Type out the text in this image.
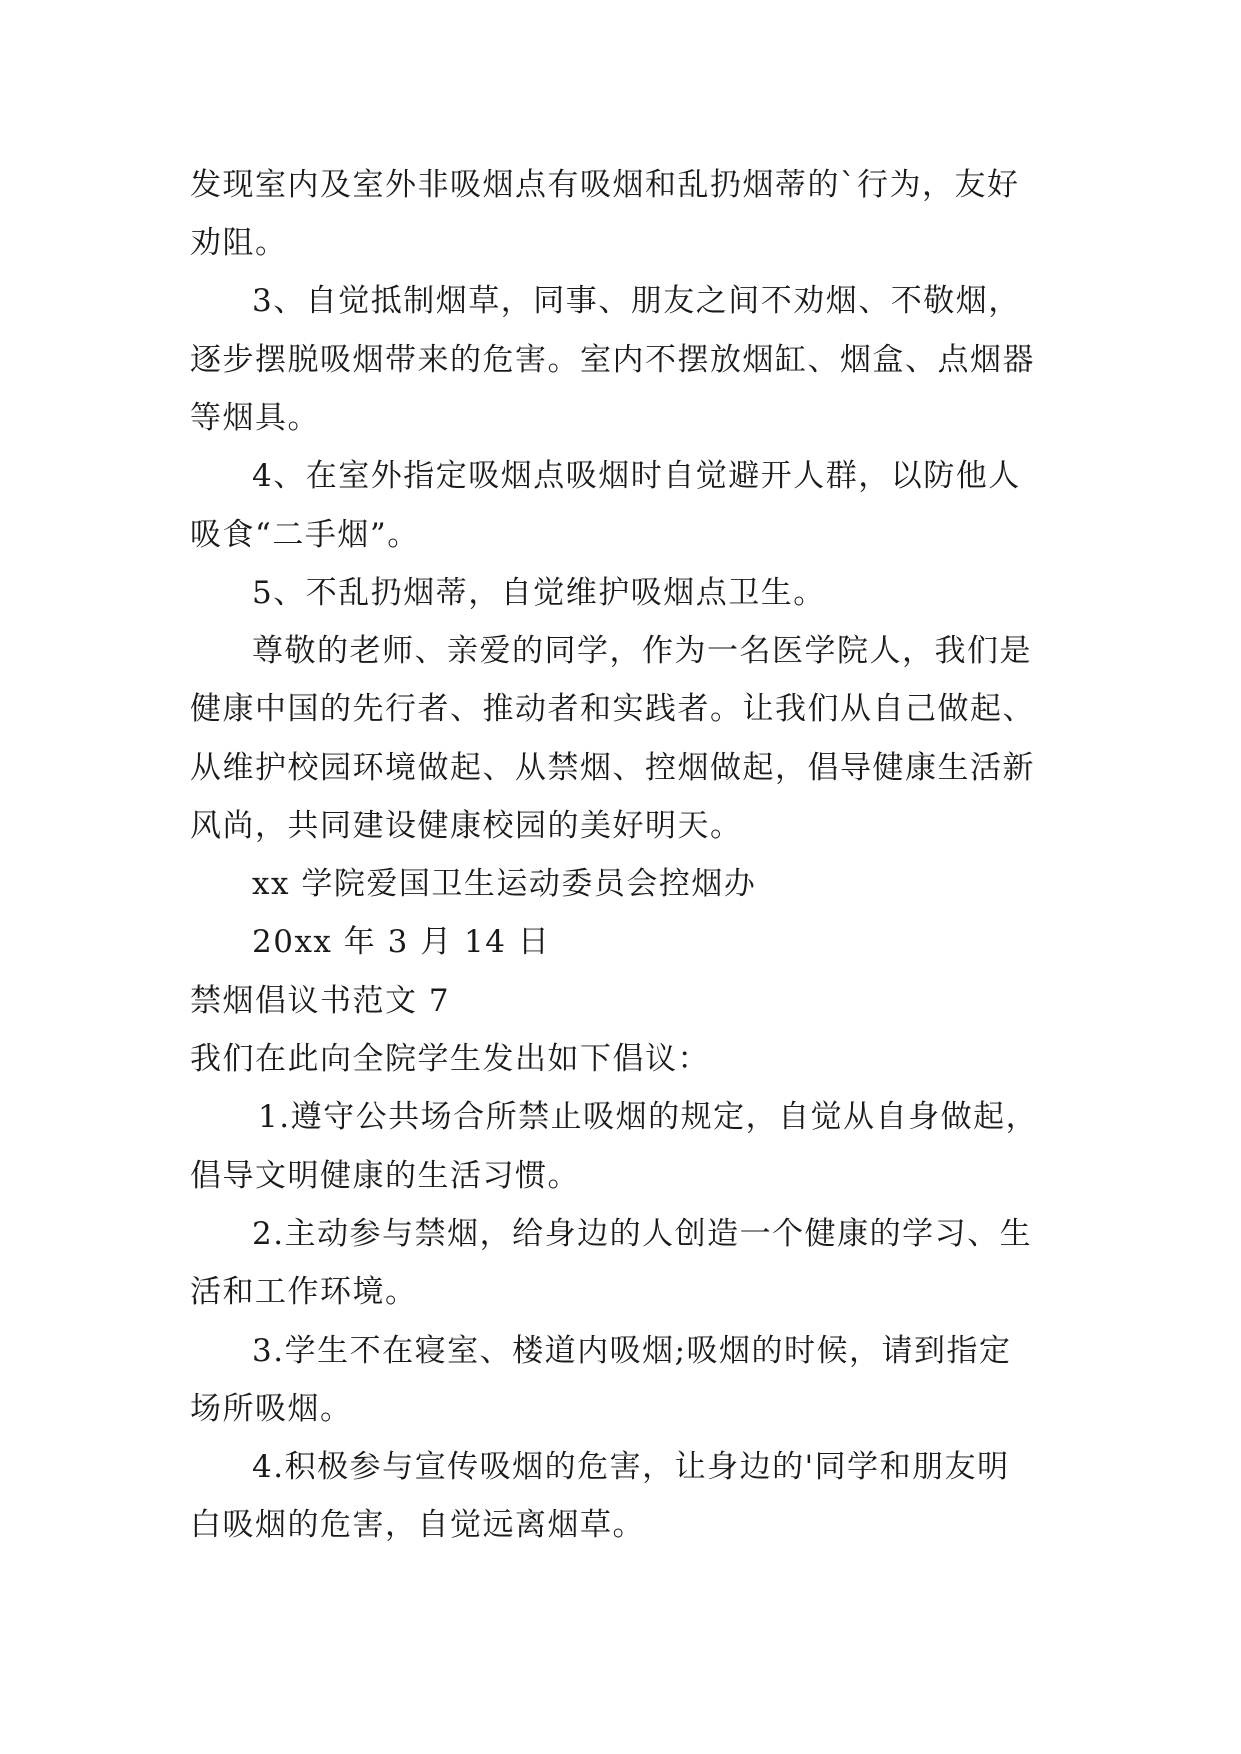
发现室内及室外非吸烟点有吸烟和乱扔烟蒂的`行为，友好
劝阻。
3、自觉抵制烟草，同事、朋友之间不劝烟、不敬烟，
逐步摆脱吸烟带来的危害。室内不摆放烟缸、烟盒、点烟器
等烟具。
4、在室外指定吸烟点吸烟时自觉避开人群，以防他人
吸食“二手烟”。
5、不乱扔烟蒂，自觉维护吸烟点卫生。
尊敬的老师、亲爱的同学，作为一名医学院人，我们是
健康中国的先行者、推动者和实践者。让我们从自己做起、
从维护校园环境做起、从禁烟、控烟做起，倡导健康生活新
风尚，共同建设健康校园的美好明天。
xx 学院爱国卫生运动委员会控烟办
20xx 年 3 月 14 日
禁烟倡议书范文 7
我们在此向全院学生发出如下倡议：
1.遵守公共场合所禁止吸烟的规定，自觉从自身做起，
倡导文明健康的生活习惯。
2.主动参与禁烟，给身边的人创造一个健康的学习、生
活和工作环境。
3.学生不在寝室、楼道内吸烟;吸烟的时候，请到指定
场所吸烟。
4.积极参与宣传吸烟的危害，让身边的'同学和朋友明
白吸烟的危害，自觉远离烟草。
